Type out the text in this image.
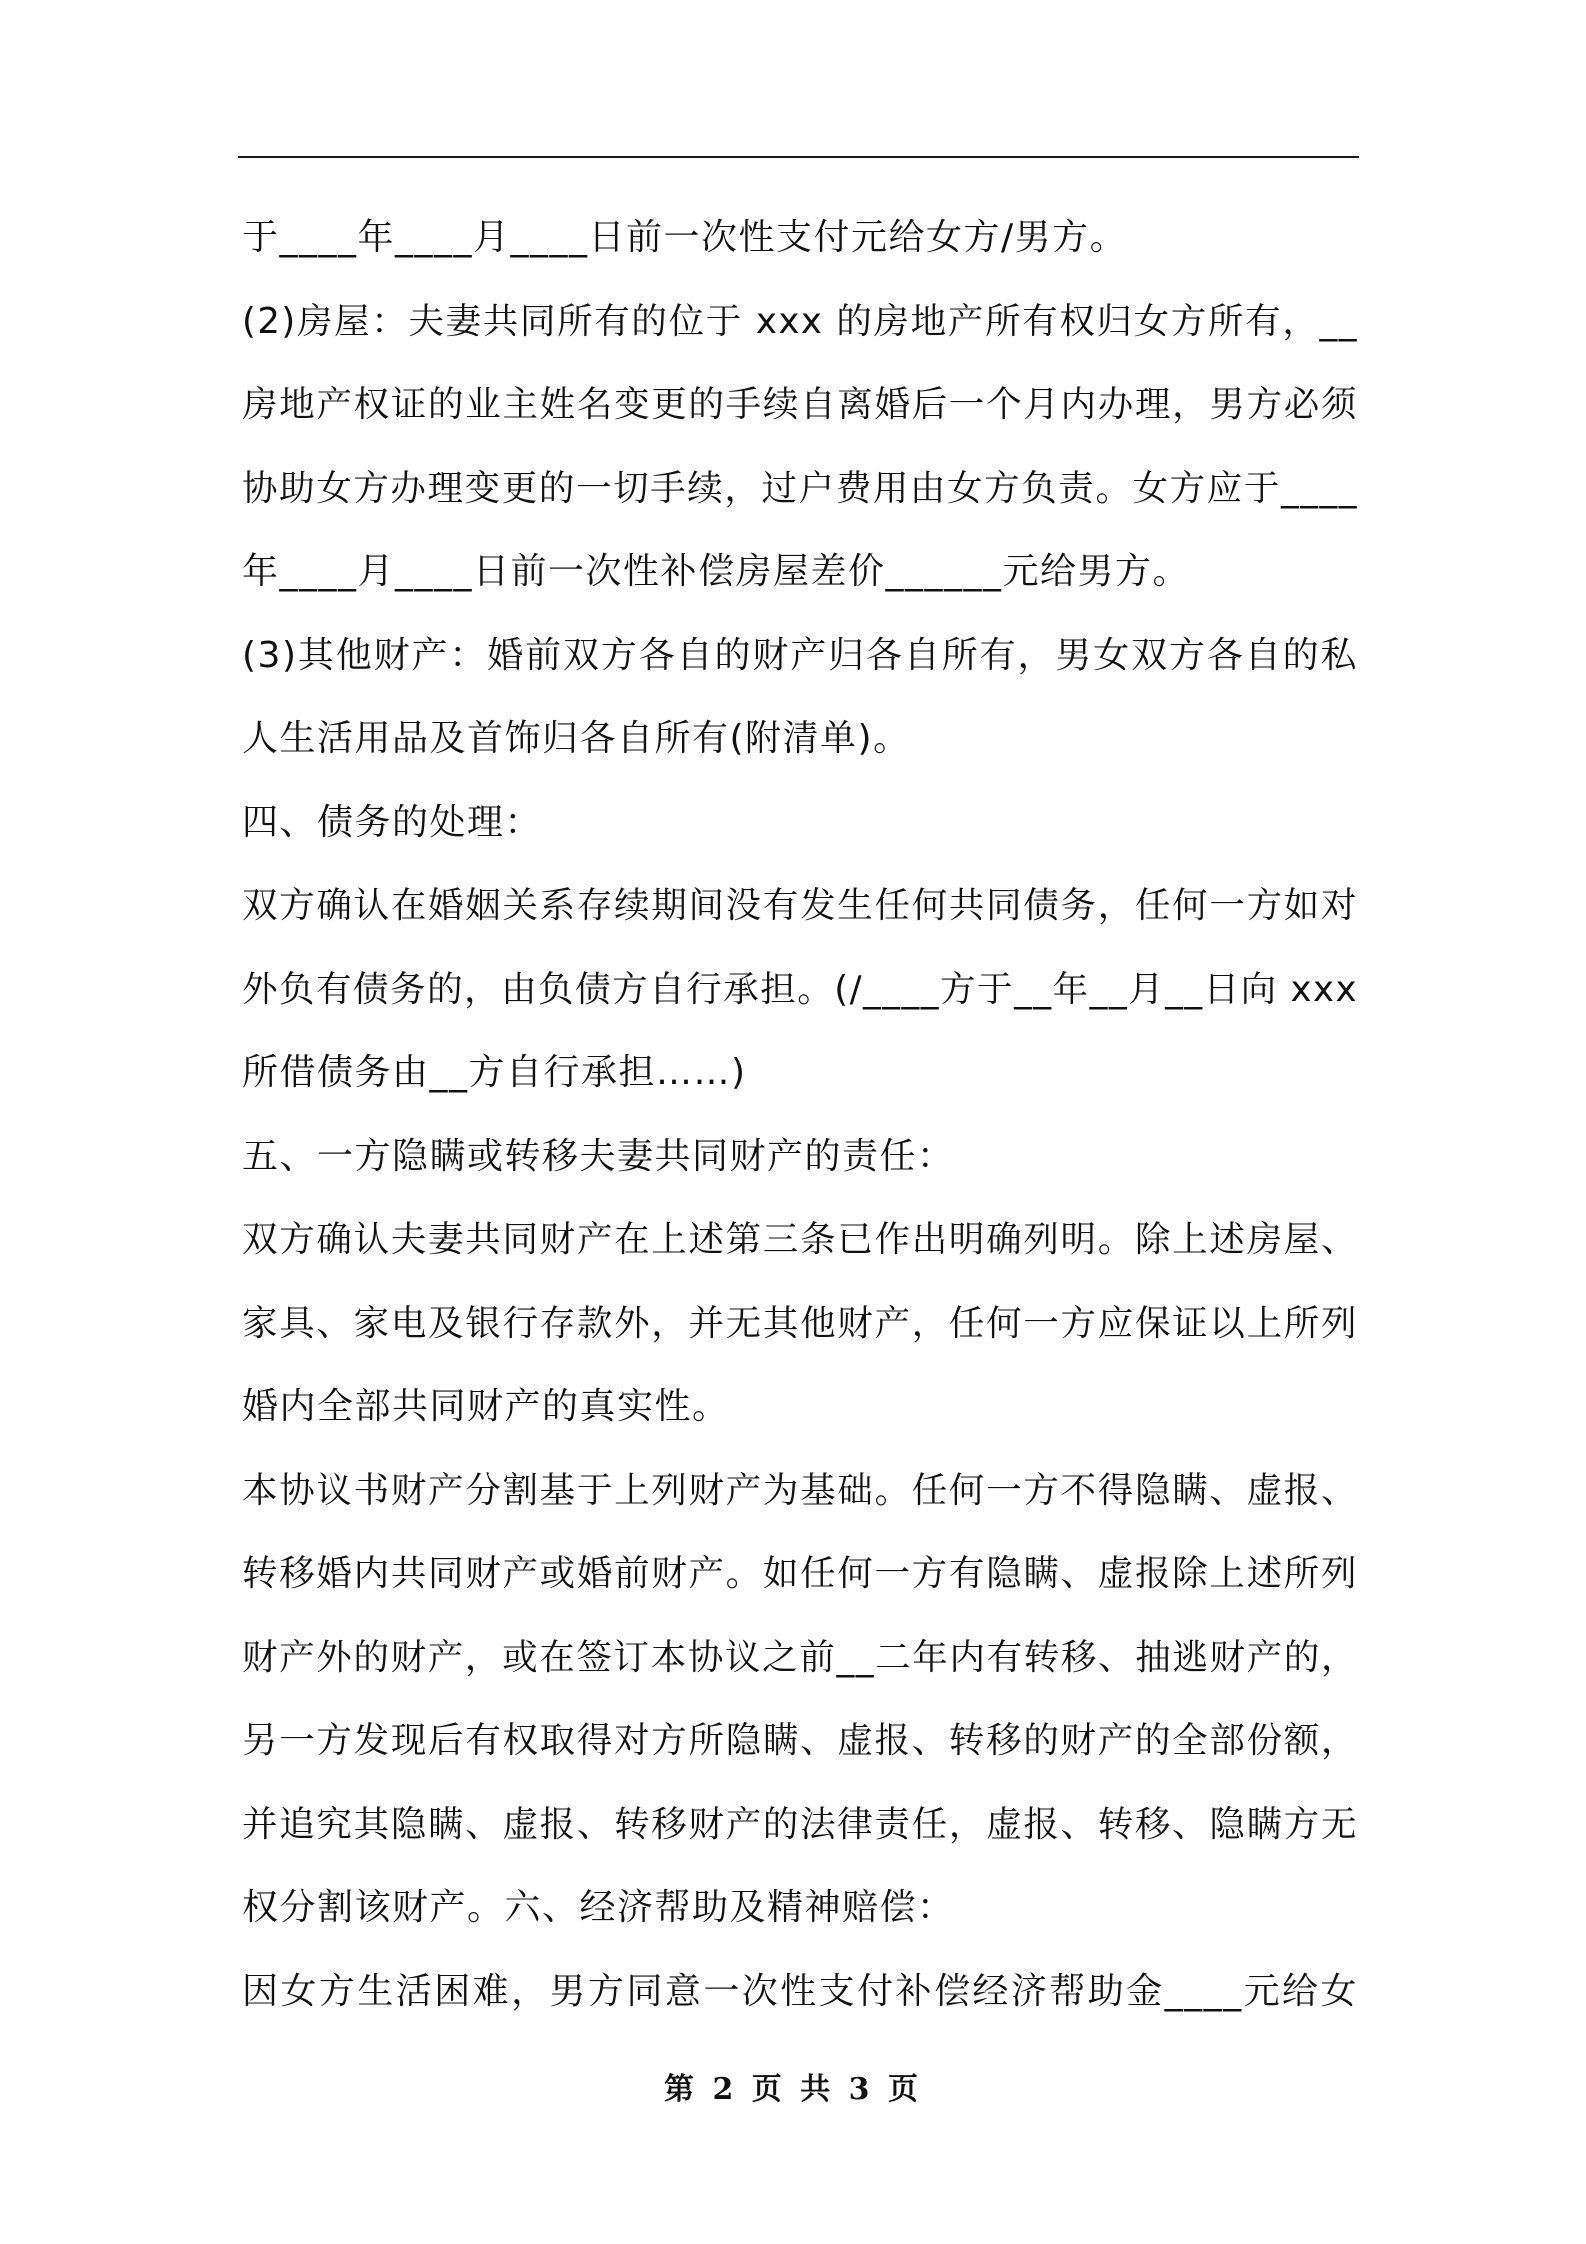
于____年____月____日前一次性支付元给女方/男方。
(2)房屋：夫妻共同所有的位于 xxx 的房地产所有权归女方所有，__
房地产权证的业主姓名变更的手续自离婚后一个月内办理，男方必须
协助女方办理变更的一切手续，过户费用由女方负责。女方应于____
年____月____日前一次性补偿房屋差价______元给男方。
(3)其他财产：婚前双方各自的财产归各自所有，男女双方各自的私
人生活用品及首饰归各自所有(附清单)。
四、债务的处理：
双方确认在婚姻关系存续期间没有发生任何共同债务，任何一方如对
外负有债务的，由负债方自行承担。(/____方于__年__月__日向 xxx
所借债务由__方自行承担……)
五、一方隐瞒或转移夫妻共同财产的责任：
双方确认夫妻共同财产在上述第三条已作出明确列明。除上述房屋、
家具、家电及银行存款外，并无其他财产，任何一方应保证以上所列
婚内全部共同财产的真实性。
本协议书财产分割基于上列财产为基础。任何一方不得隐瞒、虚报、
转移婚内共同财产或婚前财产。如任何一方有隐瞒、虚报除上述所列
财产外的财产，或在签订本协议之前__二年内有转移、抽逃财产的，
另一方发现后有权取得对方所隐瞒、虚报、转移的财产的全部份额，
并追究其隐瞒、虚报、转移财产的法律责任，虚报、转移、隐瞒方无
权分割该财产。六、经济帮助及精神赔偿：
因女方生活困难，男方同意一次性支付补偿经济帮助金____元给女
第 2 页 共 3 页
